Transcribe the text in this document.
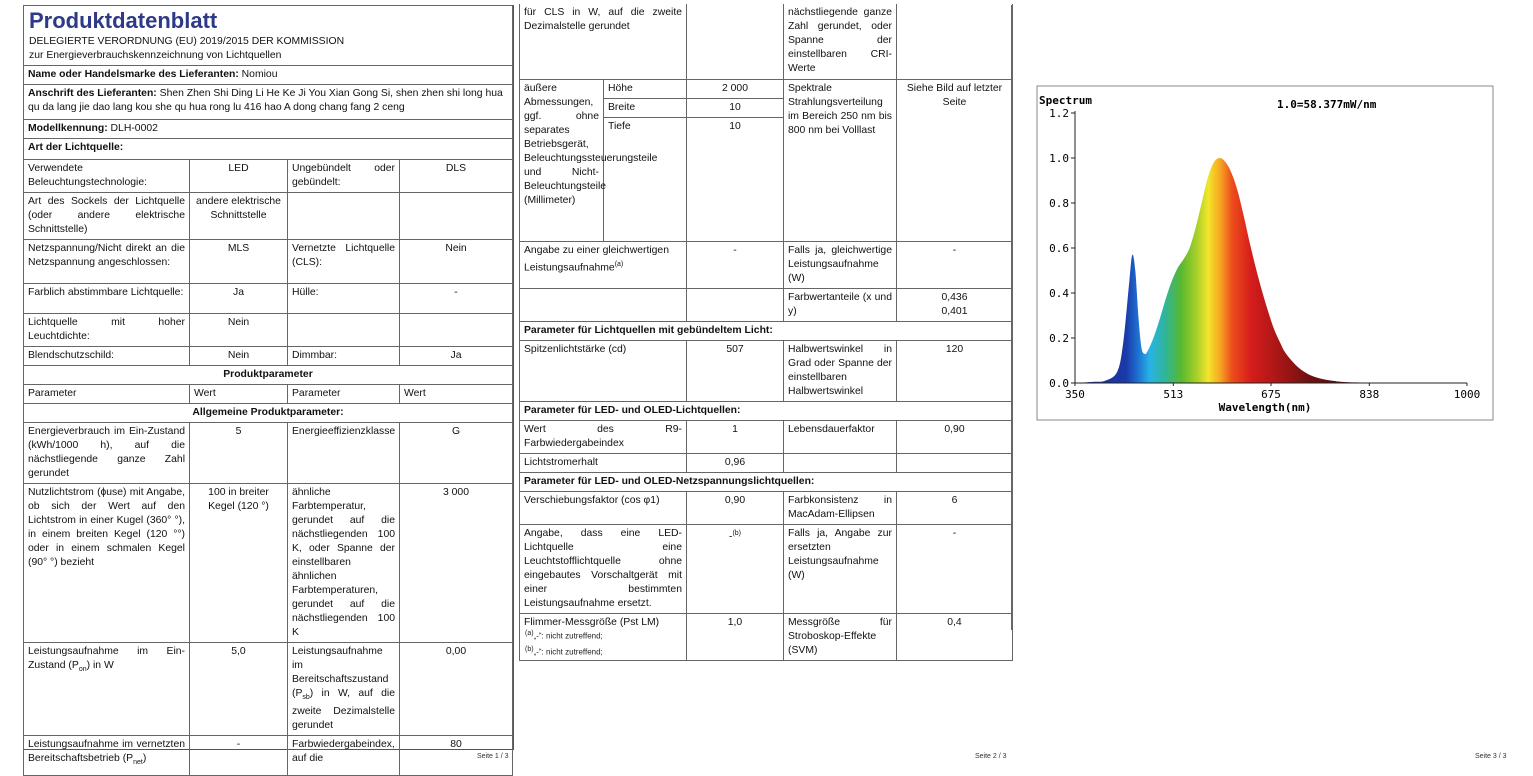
Produktdatenblatt
DELEGIERTE VERORDNUNG (EU) 2019/2015 DER KOMMISSION zur Energieverbrauchskennzeichnung von Lichtquellen			

Name oder Handelsmarke des Lieferanten: Nomiou			
Anschrift des Lieferanten: Shen Zhen Shi Ding Li He Ke Ji You Xian Gong Si, shen zhen shi long hua qu da lang jie dao lang kou she qu hua rong lu 416 hao A dong chang fang 2 ceng			
Modellkennung: DLH-0002			
Art der Lichtquelle:			
Verwendete Beleuchtungstechnologie:	LED	Ungebündelt oder gebündelt:	DLS
Art des Sockels der Lichtquelle (oder andere elektrische Schnittstelle)	andere elektrische Schnittstelle		
Netzspannung/Nicht direkt an die Netzspannung angeschlossen:	MLS	Vernetzte Lichtquelle (CLS):	Nein
Farblich abstimmbare Lichtquelle:	Ja	Hülle:	-
Lichtquelle mit hoher Leuchtdichte:	Nein		
Blendschutzschild:	Nein	Dimmbar:	Ja
Produktparameter			
Parameter	Wert	Parameter	Wert
Allgemeine Produktparameter:			
Energieverbrauch im Ein-Zustand (kWh/1000 h), auf die nächstliegende ganze Zahl gerundet	5	Energieeffizienzklasse	G
Nutzlichtstrom (ɸuse) mit Angabe, ob sich der Wert auf den Lichtstrom in einer Kugel (360° °), in einem breiten Kegel (120 °°) oder in einem schmalen Kegel (90° °) bezieht	100 in breiter Kegel (120 °)	ähnliche Farbtemperatur, gerundet auf die nächstliegenden 100 K, oder Spanne der einstellbaren ähnlichen Farbtemperaturen, gerundet auf die nächstliegenden 100 K	3 000
Leistungsaufnahme im Ein-Zustand $(P_{on})$ in W	5,0	Leistungsaufnahme im Bereitschaftszustand $(P_{sb})$ in W, auf die zweite Dezimalstelle gerundet	0,00
Leistungsaufnahme im vernetzten Bereitschaftsbetrieb $(P_{net})$	-	Farbwiedergabeindex, auf die	80
Seite 1 / 3
für CLS in W, auf die zweite Dezimalstelle gerundet			nächstliegende ganze Zahl gerundet, oder Spanne der einstellbaren CRI-Werte	
äußere Abmessungen, ggf. ohne separates Betriebsgerät, Beleuchtungssteuerungsteile und Nicht-Beleuchtungsteile (Millimeter)	Höhe	2 000	Spektrale Strahlungsverteilung im Bereich 250 nm bis 800 nm bei Volllast	Siehe Bild auf letzter Seite
	Breite	10		
	Tiefe	10		
Angabe zu einer gleichwertigen Leistungsaufnahme$^{(a)}$		-	Falls ja, gleichwertige Leistungsaufnahme (W)	-
			Farbwertanteile (x und y)	0,436
0,401

Parameter für Lichtquellen mit gebündeltem Licht:				
Spitzenlichtstärke (cd)		507	Halbwertswinkel in Grad oder Spanne der einstellbaren Halbwertswinkel	120
Parameter für LED- und OLED-Lichtquellen:				
Wert des R9-Farbwiedergabeindex		1	Lebensdauerfaktor	0,90
Lichtstromerhalt		0,96		
Parameter für LED- und OLED-Netzspannungslichtquellen:				
Verschiebungsfaktor (cos φ1)		0,90	Farbkonsistenz in MacAdam-Ellipsen	6
Angabe, dass eine LED-Lichtquelle eine Leuchtstofflichtquelle ohne eingebautes Vorschaltgerät mit einer bestimmten Leistungsaufnahme ersetzt.		-$^{(b)}$	Falls ja, Angabe zur ersetzten Leistungsaufnahme (W)	-
Flimmer-Messgröße (Pst LM)		1,0	Messgröße für Stroboskop-Effekte (SVM)	0,4
$^{(a)}$„-“: nicht zutreffend;
$^{(b)}$„-“: nicht zutreffend;
Seite 2 / 3
Spectrum	1.0=58.377mW/nm
Wavelength(nm)
0.0
0.2
0.4
0.6
0.8
1.0
1.2
350	513	675	838	1000
Seite 3 / 3
